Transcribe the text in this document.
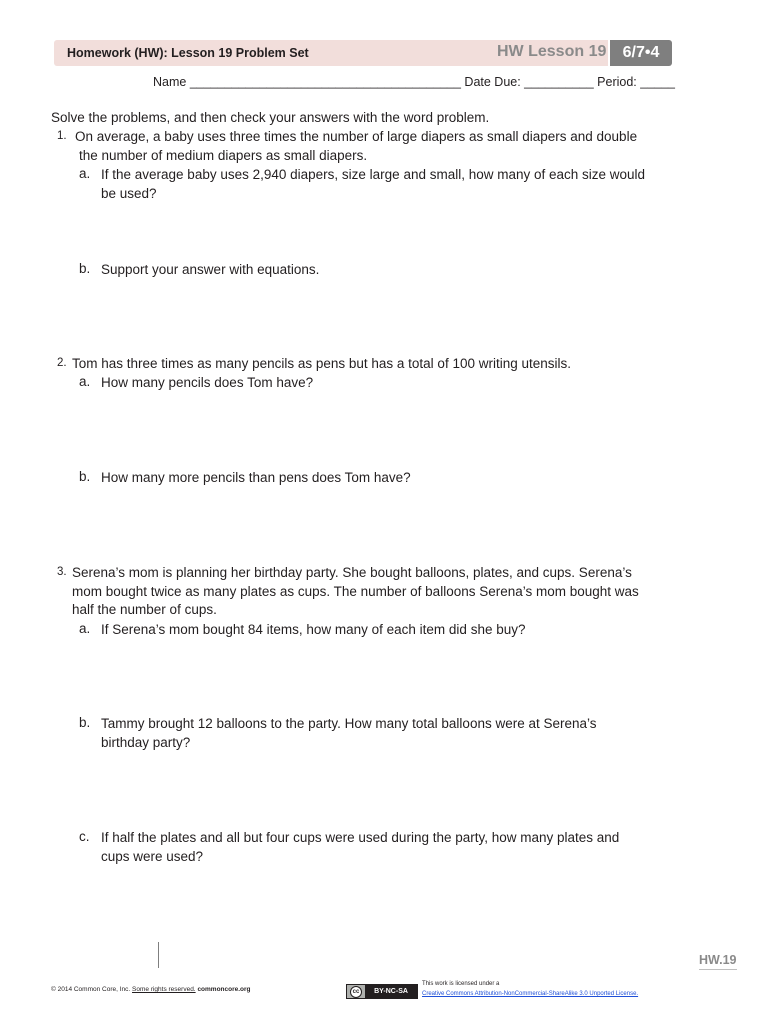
Homework (HW): Lesson 19 Problem Set	HW Lesson 19	6/7•4
Name _______________________________________ Date Due: __________ Period: _____
Solve the problems, and then check your answers with the word problem.
1. On average, a baby uses three times the number of large diapers as small diapers and double
the number of medium diapers as small diapers.
a. If the average baby uses 2,940 diapers, size large and small, how many of each size would
be used?
b. Support your answer with equations.
2. Tom has three times as many pencils as pens but has a total of 100 writing utensils.
a. How many pencils does Tom have?
b. How many more pencils than pens does Tom have?
3. Serena’s mom is planning her birthday party. She bought balloons, plates, and cups. Serena’s
mom bought twice as many plates as cups. The number of balloons Serena’s mom bought was
half the number of cups.
a. If Serena’s mom bought 84 items, how many of each item did she buy?
b. Tammy brought 12 balloons to the party. How many total balloons were at Serena’s
birthday party?
c. If half the plates and all but four cups were used during the party, how many plates and
cups were used?
HW.19
© 2014 Common Core, Inc. Some rights reserved. commoncore.org	cc	BY-NC-SA
This work is licensed under a
Creative Commons Attribution-NonCommercial-ShareAlike 3.0 Unported License.
